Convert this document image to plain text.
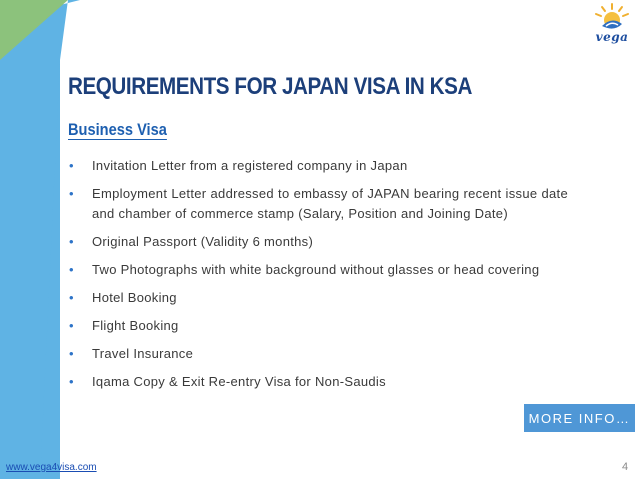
vega
REQUIREMENTS FOR JAPAN VISA IN KSA
Business Visa
• Invitation Letter from a registered company in Japan
• Employment Letter addressed to embassy of JAPAN bearing recent issue date and chamber of commerce stamp (Salary, Position and Joining Date)
• Original Passport (Validity 6 months)
• Two Photographs with white background without glasses or head covering
• Hotel Booking
• Flight Booking
• Travel Insurance
• Iqama Copy & Exit Re-entry Visa for Non-Saudis
MORE INFO…
www.vega4visa.com	4
